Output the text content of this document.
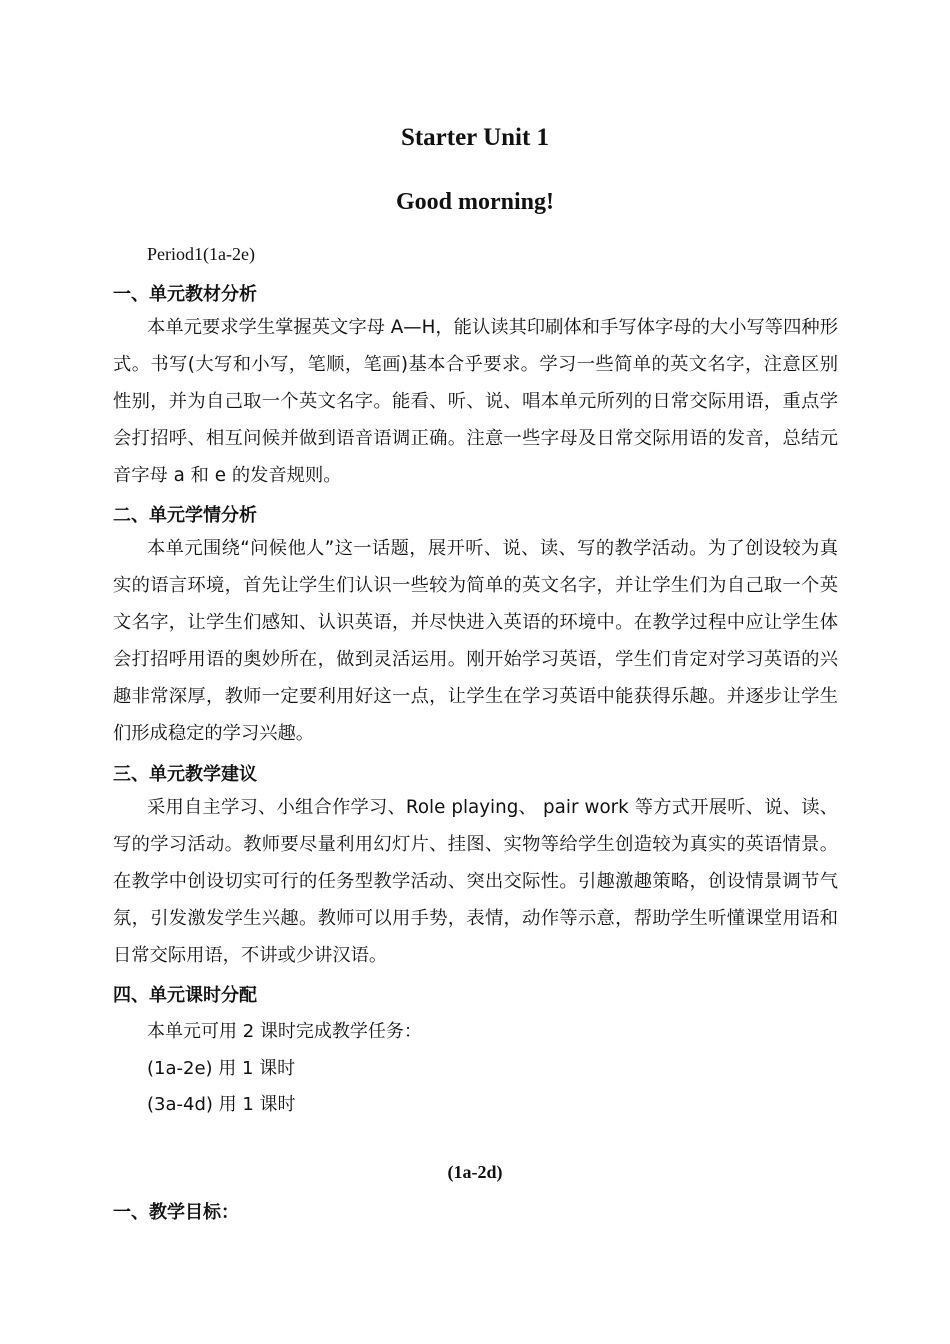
Starter Unit 1
Good morning!
Period1(1a-2e)
一、单元教材分析
本单元要求学生掌握英文字母 A—H，能认读其印刷体和手写体字母的大小写等四种形式。书写(大写和小写，笔顺，笔画)基本合乎要求。学习一些简单的英文名字，注意区别性别，并为自己取一个英文名字。能看、听、说、唱本单元所列的日常交际用语，重点学会打招呼、相互问候并做到语音语调正确。注意一些字母及日常交际用语的发音，总结元音字母 a 和 e 的发音规则。
二、单元学情分析
本单元围绕“问候他人”这一话题，展开听、说、读、写的教学活动。为了创设较为真实的语言环境，首先让学生们认识一些较为简单的英文名字，并让学生们为自己取一个英文名字，让学生们感知、认识英语，并尽快进入英语的环境中。在教学过程中应让学生体会打招呼用语的奥妙所在，做到灵活运用。刚开始学习英语，学生们肯定对学习英语的兴趣非常深厚，教师一定要利用好这一点，让学生在学习英语中能获得乐趣。并逐步让学生们形成稳定的学习兴趣。
三、单元教学建议
采用自主学习、小组合作学习、Role playing、 pair work 等方式开展听、说、读、写的学习活动。教师要尽量利用幻灯片、挂图、实物等给学生创造较为真实的英语情景。在教学中创设切实可行的任务型教学活动、突出交际性。引趣激趣策略，创设情景调节气氛，引发激发学生兴趣。教师可以用手势，表情，动作等示意，帮助学生听懂课堂用语和日常交际用语，不讲或少讲汉语。
四、单元课时分配
本单元可用 2 课时完成教学任务：
(1a-2e) 用 1 课时
(3a-4d) 用 1 课时
(1a-2d)
一、教学目标：
